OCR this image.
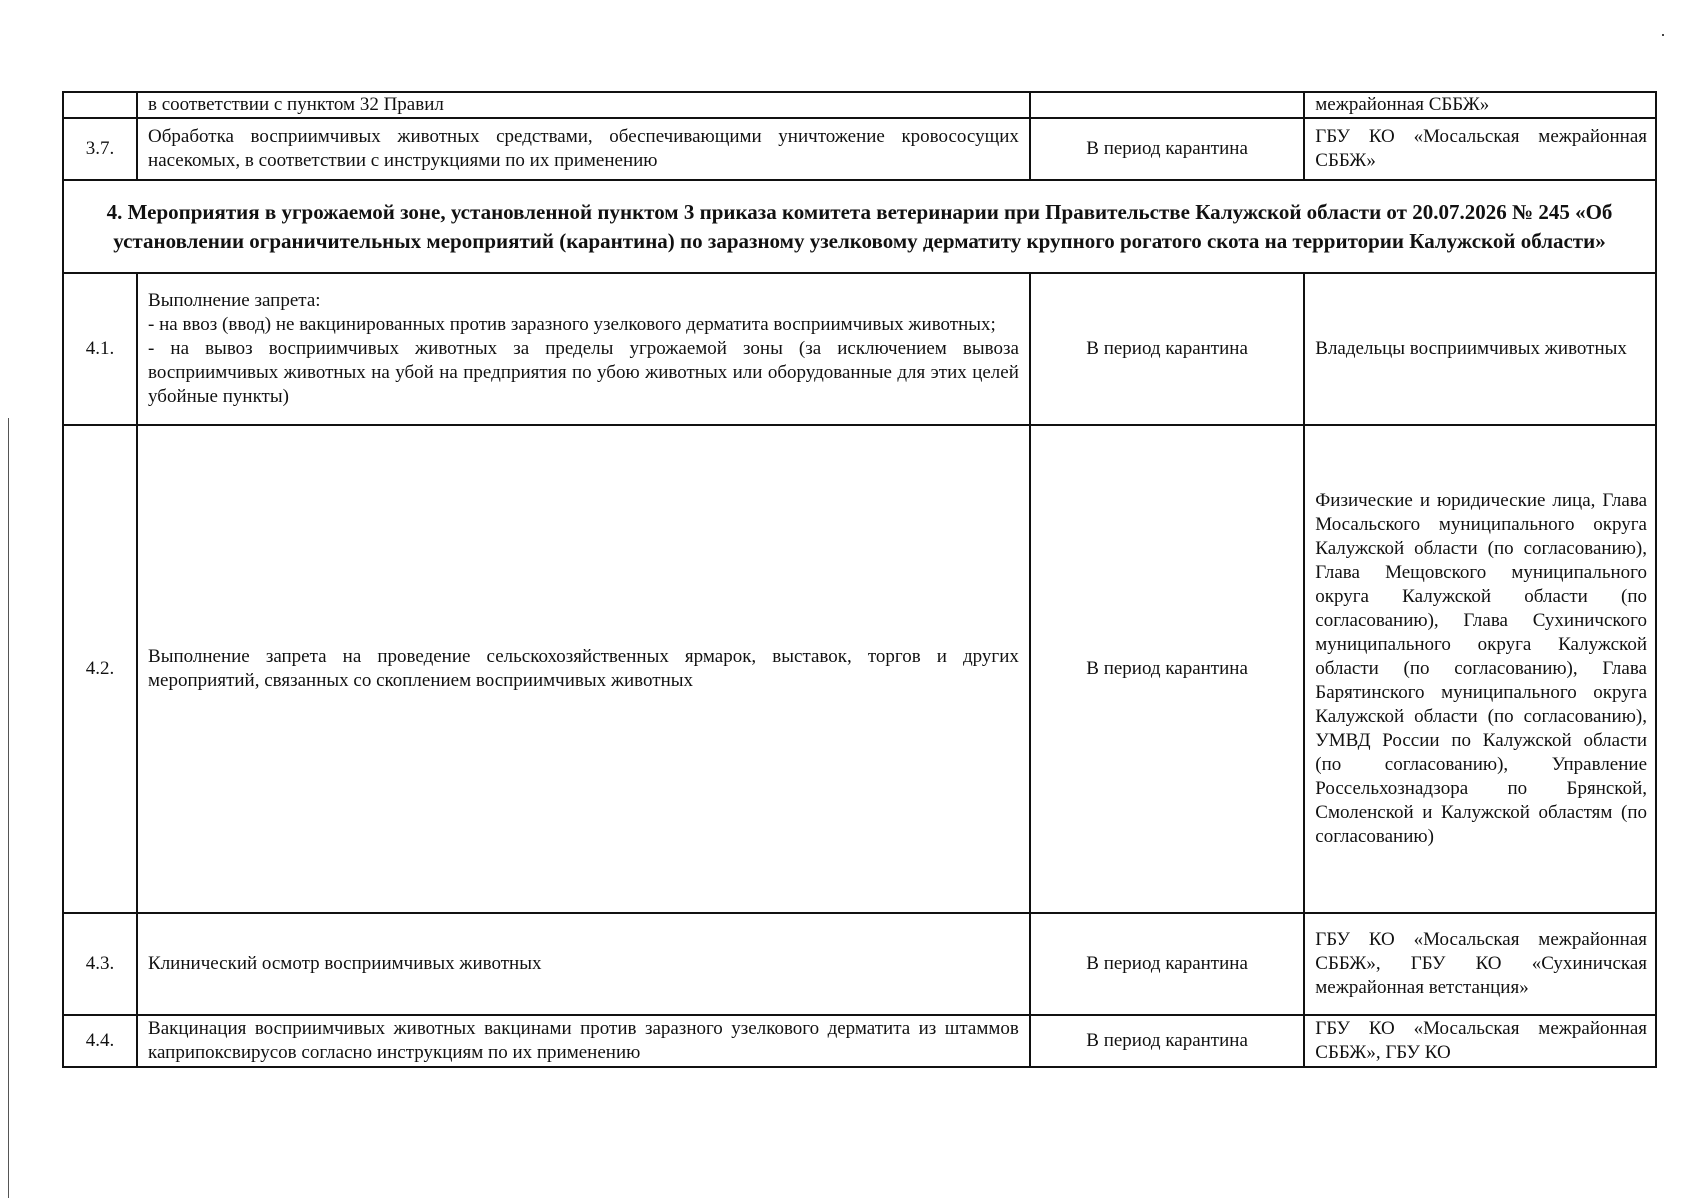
	в соответствии с пунктом 32 Правил		межрайонная СББЖ»
3.7.	Обработка восприимчивых животных средствами, обеспечивающими уничтожение кровососущих насекомых, в соответствии с инструкциями по их применению	В период карантина	ГБУ КО «Мосальская межрайонная СББЖ»
4. Мероприятия в угрожаемой зоне, установленной пунктом 3 приказа комитета ветеринарии при Правительстве Калужской области от 20.07.2026 № 245 «Об установлении ограничительных мероприятий (карантина) по заразному узелковому дерматиту крупного рогатого скота на территории Калужской области»			
4.1.	Выполнение запрета:
- на ввоз (ввод) не вакцинированных против заразного узелкового дерматита восприимчивых животных;
- на вывоз восприимчивых животных за пределы угрожаемой зоны (за исключением вывоза восприимчивых животных на убой на предприятия по убою животных или оборудованные для этих целей убойные пункты)	В период карантина	Владельцы восприимчивых животных
4.2.	Выполнение запрета на проведение сельскохозяйственных ярмарок, выставок, торгов и других мероприятий, связанных со скоплением восприимчивых животных	В период карантина	Физические и юридические лица, Глава Мосальского муниципального округа Калужской области (по согласованию), Глава Мещовского муниципального округа Калужской области (по согласованию), Глава Сухиничского муниципального округа Калужской области (по согласованию), Глава Барятинского муниципального округа Калужской области (по согласованию), УМВД России по Калужской области (по согласованию), Управление Россельхознадзора по Брянской, Смоленской и Калужской областям (по согласованию)
4.3.	Клинический осмотр восприимчивых животных	В период карантина	ГБУ КО «Мосальская межрайонная СББЖ», ГБУ КО «Сухиничская межрайонная ветстанция»
4.4.	Вакцинация восприимчивых животных вакцинами против заразного узелкового дерматита из штаммов каприпоксвирусов согласно инструкциям по их применению	В период карантина	ГБУ КО «Мосальская межрайонная СББЖ», ГБУ КО
